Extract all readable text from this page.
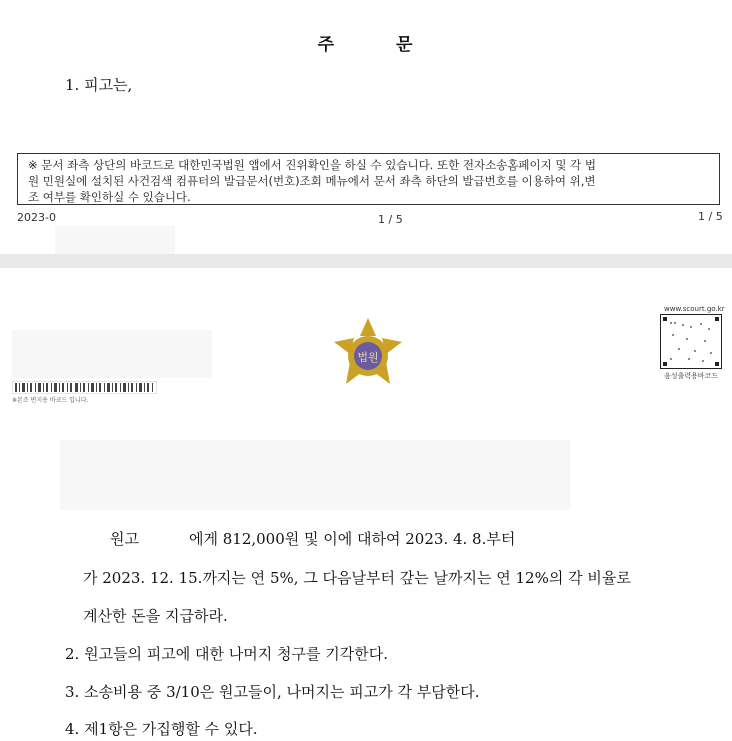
주	문
1. 피고는,
※ 문서 좌측 상단의 바코드로 대한민국법원 앱에서 진위확인을 하실 수 있습니다. 또한 전자소송홈페이지 및 각 법
원 민원실에 설치된 사건검색 컴퓨터의 발급문서(번호)조회 메뉴에서 문서 좌측 하단의 발급번호를 이용하여 위,변
조 여부를 확인하실 수 있습니다.
2023-0	1 / 5	1 / 5
※본조 변지용 바코드 입니다.
법원
www.scourt.go.kr
음성출력용바코드
원고	에게 812,000원 및 이에 대하여 2023. 4. 8.부터
가 2023. 12. 15.까지는 연 5%, 그 다음날부터 갚는 날까지는 연 12%의 각 비율로
계산한 돈을 지급하라.
2. 원고들의 피고에 대한 나머지 청구를 기각한다.
3. 소송비용 중 3/10은 원고들이, 나머지는 피고가 각 부담한다.
4. 제1항은 가집행할 수 있다.
